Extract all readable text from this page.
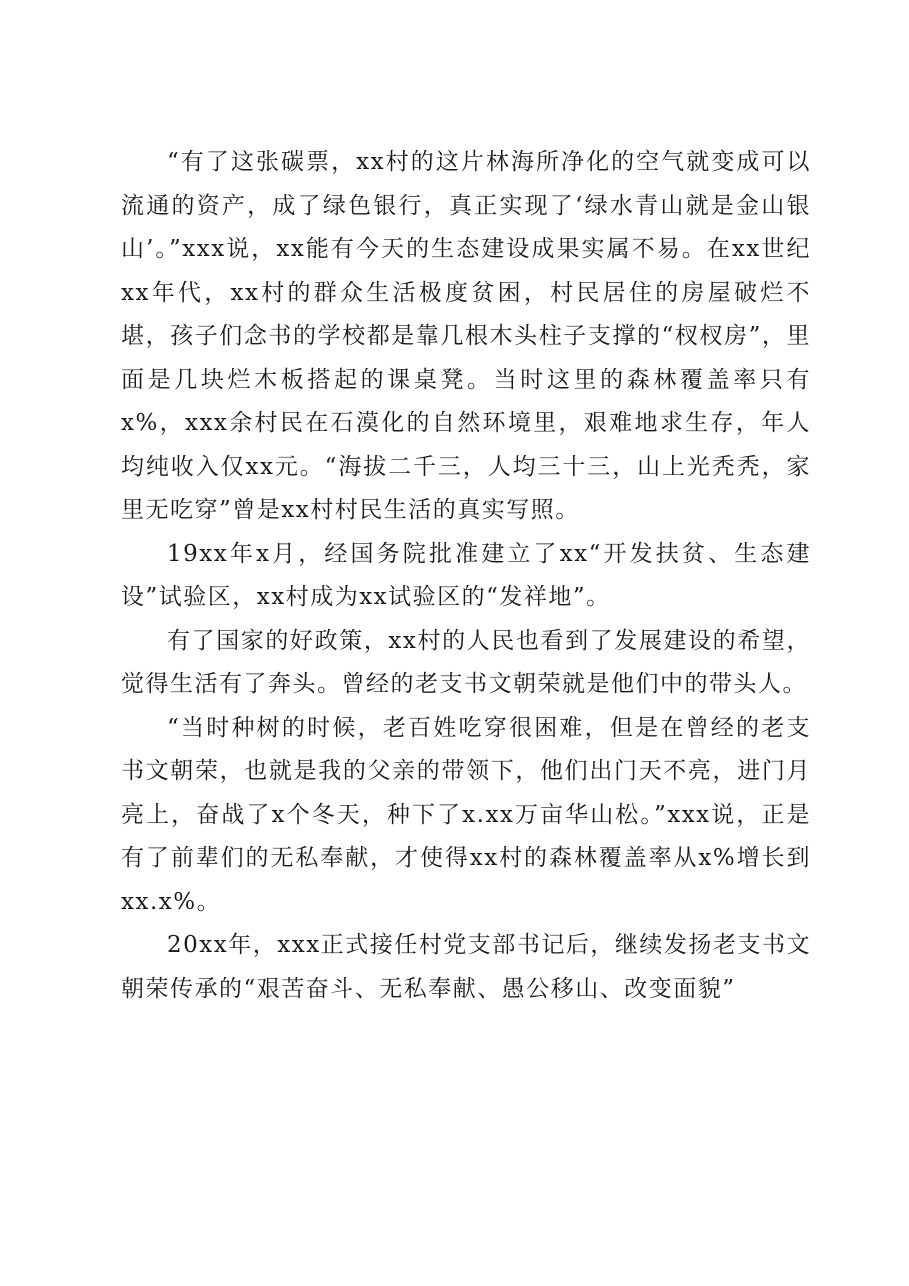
“有了这张碳票，xx村的这片林海所净化的空气就变成可以流通的资产，成了绿色银行，真正实现了‘绿水青山就是金山银山’。”xxx说，xx能有今天的生态建设成果实属不易。在xx世纪xx年代，xx村的群众生活极度贫困，村民居住的房屋破烂不堪，孩子们念书的学校都是靠几根木头柱子支撑的“杈杈房”，里面是几块烂木板搭起的课桌凳。当时这里的森林覆盖率只有x%，xxx余村民在石漠化的自然环境里，艰难地求生存，年人均纯收入仅xx元。“海拔二千三，人均三十三，山上光秃秃，家里无吃穿”曾是xx村村民生活的真实写照。

19xx年x月，经国务院批准建立了xx“开发扶贫、生态建设”试验区，xx村成为xx试验区的“发祥地”。

有了国家的好政策，xx村的人民也看到了发展建设的希望，觉得生活有了奔头。曾经的老支书文朝荣就是他们中的带头人。

“当时种树的时候，老百姓吃穿很困难，但是在曾经的老支书文朝荣，也就是我的父亲的带领下，他们出门天不亮，进门月亮上，奋战了x个冬天，种下了x.xx万亩华山松。”xxx说，正是有了前辈们的无私奉献，才使得xx村的森林覆盖率从x%增长到xx.x%。

20xx年，xxx正式接任村党支部书记后，继续发扬老支书文朝荣传承的“艰苦奋斗、无私奉献、愚公移山、改变面貌”
